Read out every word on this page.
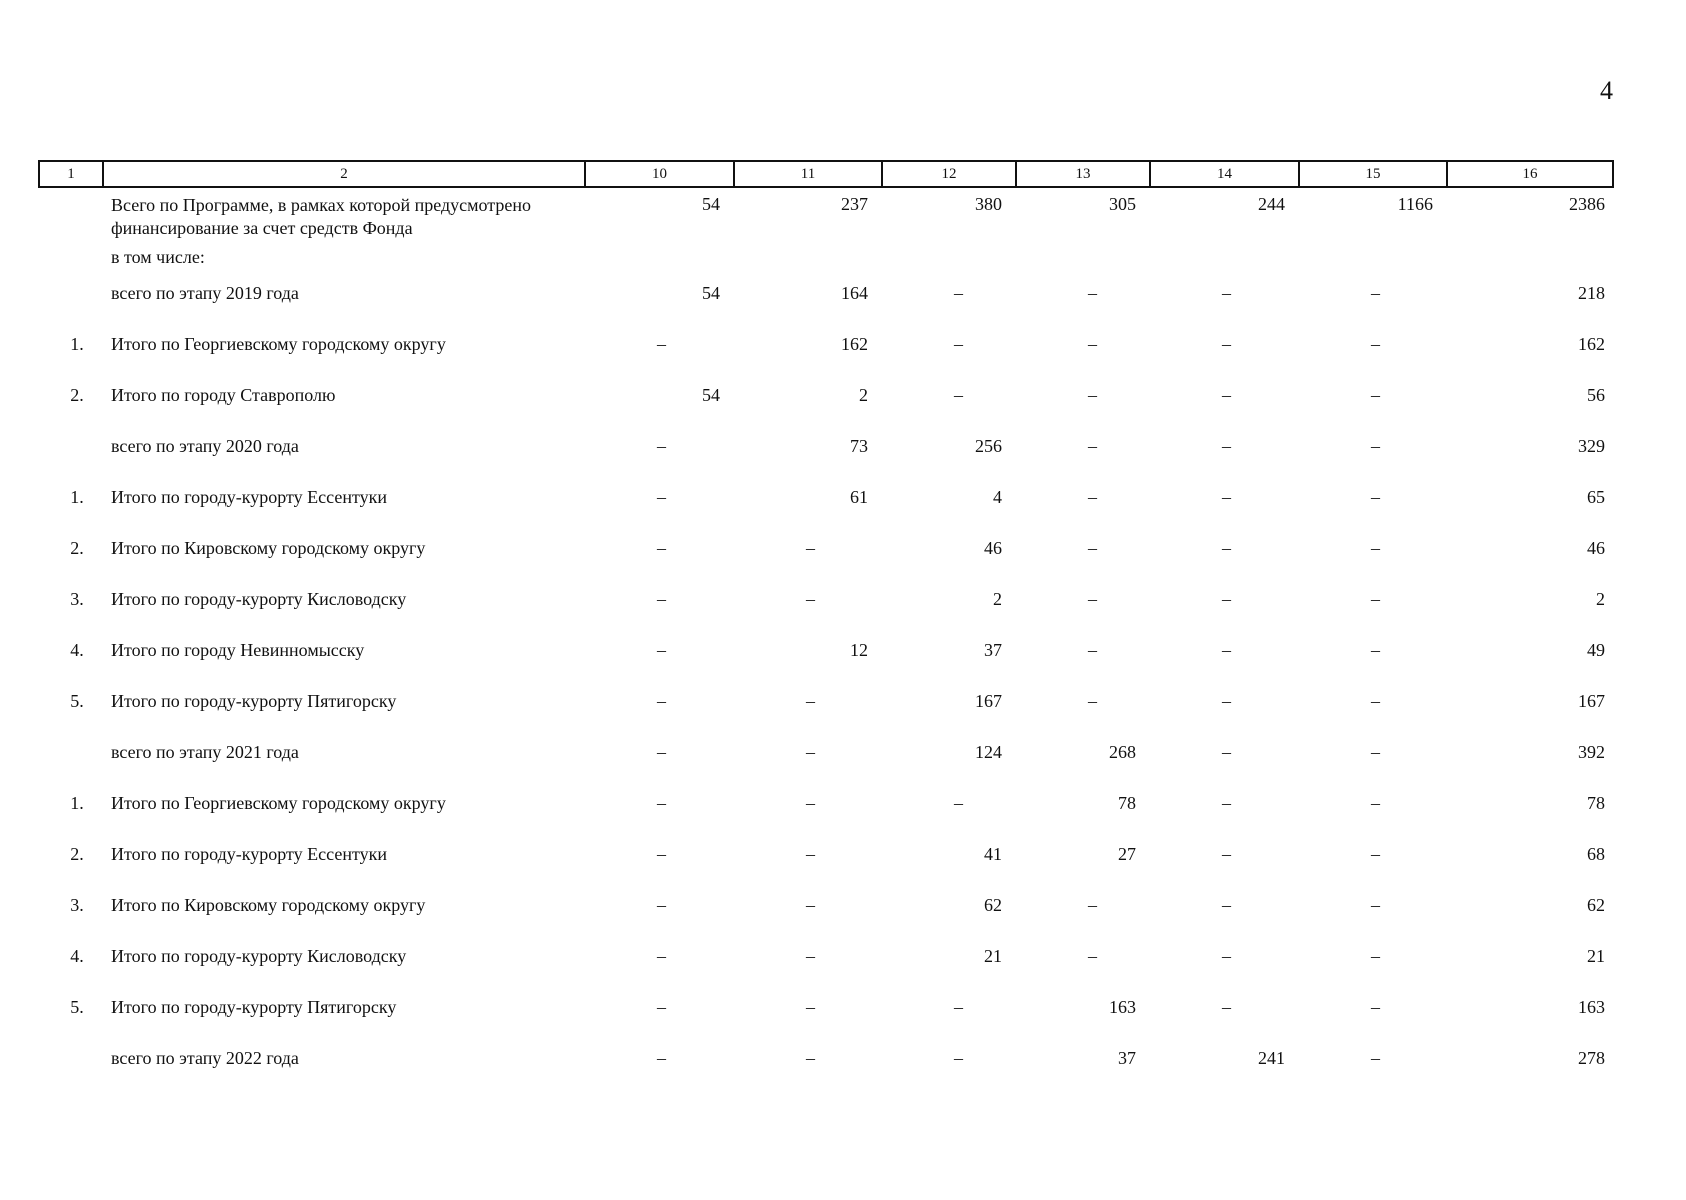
4
1	2	10	11	12	13	14	15	16
	Всего по Программе, в рамках которой предусмотрено финансирование за счет средств Фонда	54	237	380	305	244	1166	2386
	в том числе:							
	всего по этапу 2019 года	54	164	–	–	–	–	218
1.	Итого по Георгиевскому городскому округу	–	162	–	–	–	–	162
2.	Итого по городу Ставрополю	54	2	–	–	–	–	56
	всего по этапу 2020 года	–	73	256	–	–	–	329
1.	Итого по городу-курорту Ессентуки	–	61	4	–	–	–	65
2.	Итого по Кировскому городскому округу	–	–	46	–	–	–	46
3.	Итого по городу-курорту Кисловодску	–	–	2	–	–	–	2
4.	Итого по городу Невинномысску	–	12	37	–	–	–	49
5.	Итого по городу-курорту Пятигорску	–	–	167	–	–	–	167
	всего по этапу 2021 года	–	–	124	268	–	–	392
1.	Итого по Георгиевскому городскому округу	–	–	–	78	–	–	78
2.	Итого по городу-курорту Ессентуки	–	–	41	27	–	–	68
3.	Итого по Кировскому городскому округу	–	–	62	–	–	–	62
4.	Итого по городу-курорту Кисловодску	–	–	21	–	–	–	21
5.	Итого по городу-курорту Пятигорску	–	–	–	163	–	–	163
	всего по этапу 2022 года	–	–	–	37	241	–	278
